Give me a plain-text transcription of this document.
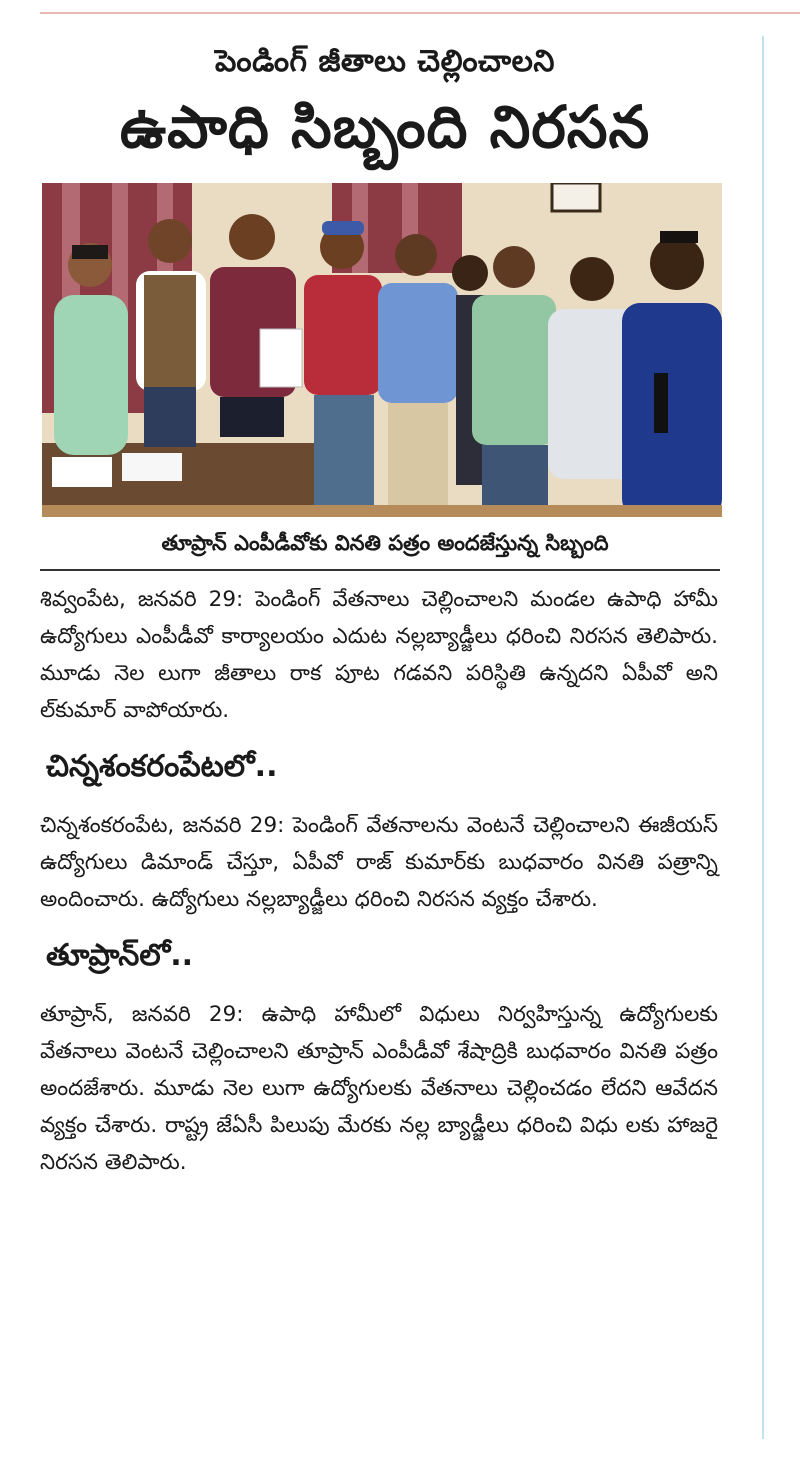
పెండింగ్ జీతాలు చెల్లించాలని
ఉపాధి సిబ్బంది నిరసన
తూప్రాన్ ఎంపీడీవోకు వినతి పత్రం అందజేస్తున్న సిబ్బంది

శివ్వంపేట, జనవరి 29: పెండింగ్ వేతనాలు చెల్లించాలని మండల ఉపాధి హామీ ఉద్యోగులు ఎంపీడీవో కార్యాలయం ఎదుట నల్లబ్యాడ్జీలు ధరించి నిరసన తెలిపారు. మూడు నెల లుగా జీతాలు రాక పూట గడవని పరిస్థితి ఉన్నదని ఏపీవో అని ల్‌కుమార్ వాపోయారు.

చిన్నశంకరంపేటలో..

చిన్నశంకరంపేట, జనవరి 29: పెండింగ్ వేతనాలను వెంటనే చెల్లించాలని ఈజీయస్ ఉద్యోగులు డిమాండ్ చేస్తూ, ఏపీవో రాజ్ కుమార్‌కు బుధవారం వినతి పత్రాన్ని అందించారు. ఉద్యోగులు నల్లబ్యాడ్జీలు ధరించి నిరసన వ్యక్తం చేశారు.

తూప్రాన్‌లో..

తూప్రాన్, జనవరి 29: ఉపాధి హామీలో విధులు నిర్వహిస్తున్న ఉద్యోగులకు వేతనాలు వెంటనే చెల్లించాలని తూప్రాన్ ఎంపీడీవో శేషాద్రికి బుధవారం వినతి పత్రం అందజేశారు. మూడు నెల లుగా ఉద్యోగులకు వేతనాలు చెల్లించడం లేదని ఆవేదన వ్యక్తం చేశారు. రాష్ట్ర జేఏసీ పిలుపు మేరకు నల్ల బ్యాడ్జీలు ధరించి విధు లకు హాజరై నిరసన తెలిపారు.
